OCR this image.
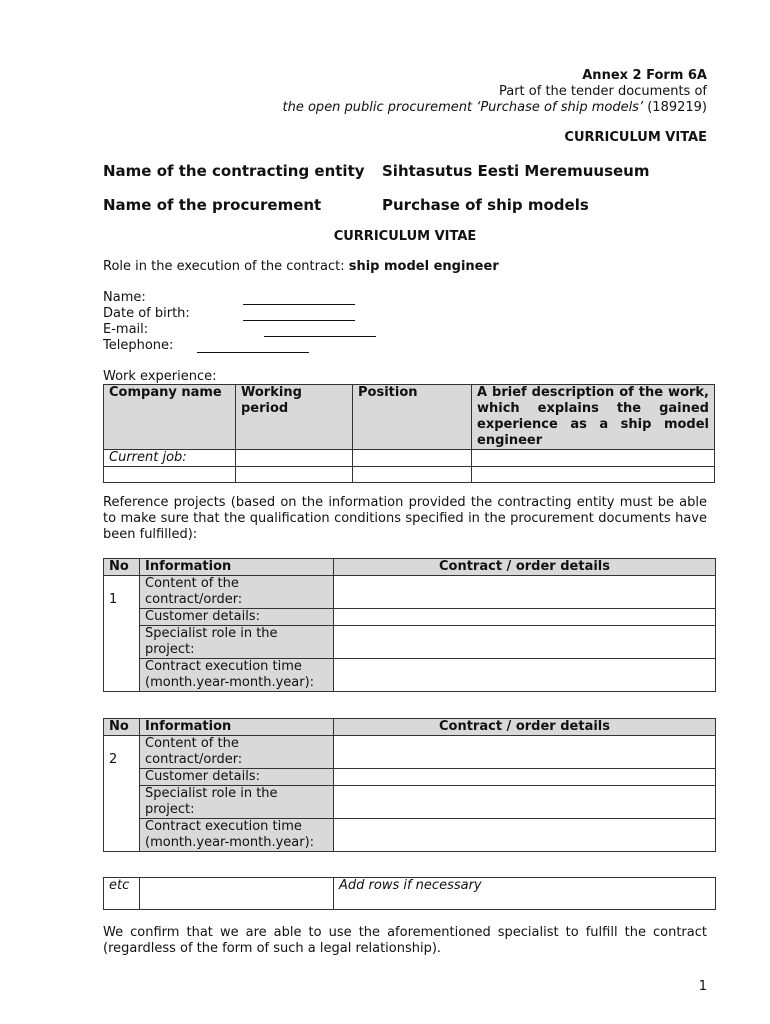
Annex 2 Form 6A
Part of the tender documents of
the open public procurement ‘Purchase of ship models’ (189219)
CURRICULUM VITAE
Name of the contracting entity Sihtasutus Eesti Meremuuseum
Name of the procurement	Purchase of ship models
CURRICULUM VITAE
Role in the execution of the contract: ship model engineer
Name:
Date of birth:
E-mail:
Telephone:
Work experience:
Company name	Working period	Position	A brief description of the work, which explains the gained experience as a ship model engineer
Current job:			

Reference projects (based on the information provided the contracting entity must be able to make sure that the qualification conditions specified in the procurement documents have been fulfilled):
No	Information	Contract / order details
1	Content of the contract/order:	
	Customer details:	
	Specialist role in the project:	
	Contract execution time (month.year-month.year):	
No	Information	Contract / order details
2	Content of the contract/order:	
	Customer details:	
	Specialist role in the project:	
	Contract execution time (month.year-month.year):	
etc		Add rows if necessary
We confirm that we are able to use the aforementioned specialist to fulfill the contract (regardless of the form of such a legal relationship).
1
